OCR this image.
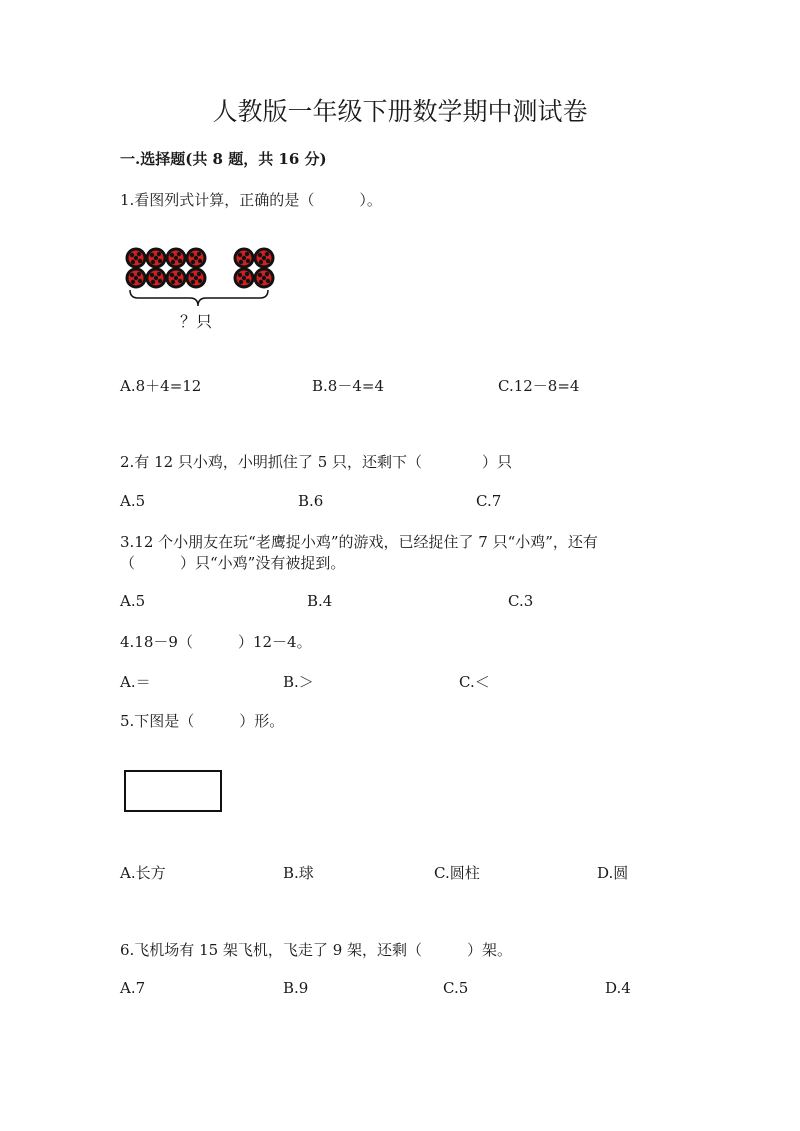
人教版一年级下册数学期中测试卷
一.选择题(共 8 题，共 16 分)
1.看图列式计算，正确的是（　　　）。
？只
A.8＋4=12	B.8－4=4	C.12－8=4
2.有 12 只小鸡，小明抓住了 5 只，还剩下（　　　　）只
A.5	B.6	C.7
3.12 个小朋友在玩“老鹰捉小鸡”的游戏，已经捉住了 7 只“小鸡”，还有
（　　　）只“小鸡”没有被捉到。
A.5	B.4	C.3
4.18－9（　　　）12－4。
A.＝	B.＞	C.＜
5.下图是（　　　）形。
A.长方	B.球	C.圆柱	D.圆
6.飞机场有 15 架飞机，飞走了 9 架，还剩（　　　）架。
A.7	B.9	C.5	D.4
